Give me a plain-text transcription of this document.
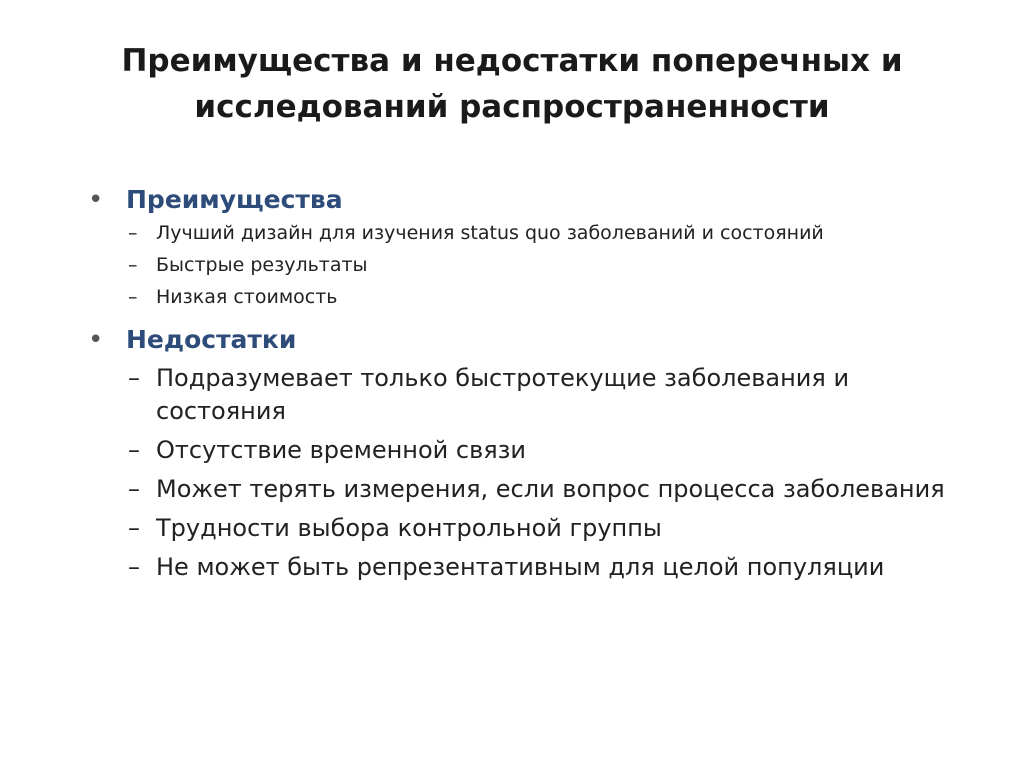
Преимущества и недостатки поперечных и исследований распространенности
• Преимущества
– Лучший дизайн для изучения status quo заболеваний и состояний
– Быстрые результаты
– Низкая стоимость
• Недостатки
– Подразумевает только быстротекущие заболевания и состояния
– Отсутствие временной связи
– Может терять измерения, если вопрос процесса заболевания
– Трудности выбора контрольной группы
– Не может быть репрезентативным для целой популяции
